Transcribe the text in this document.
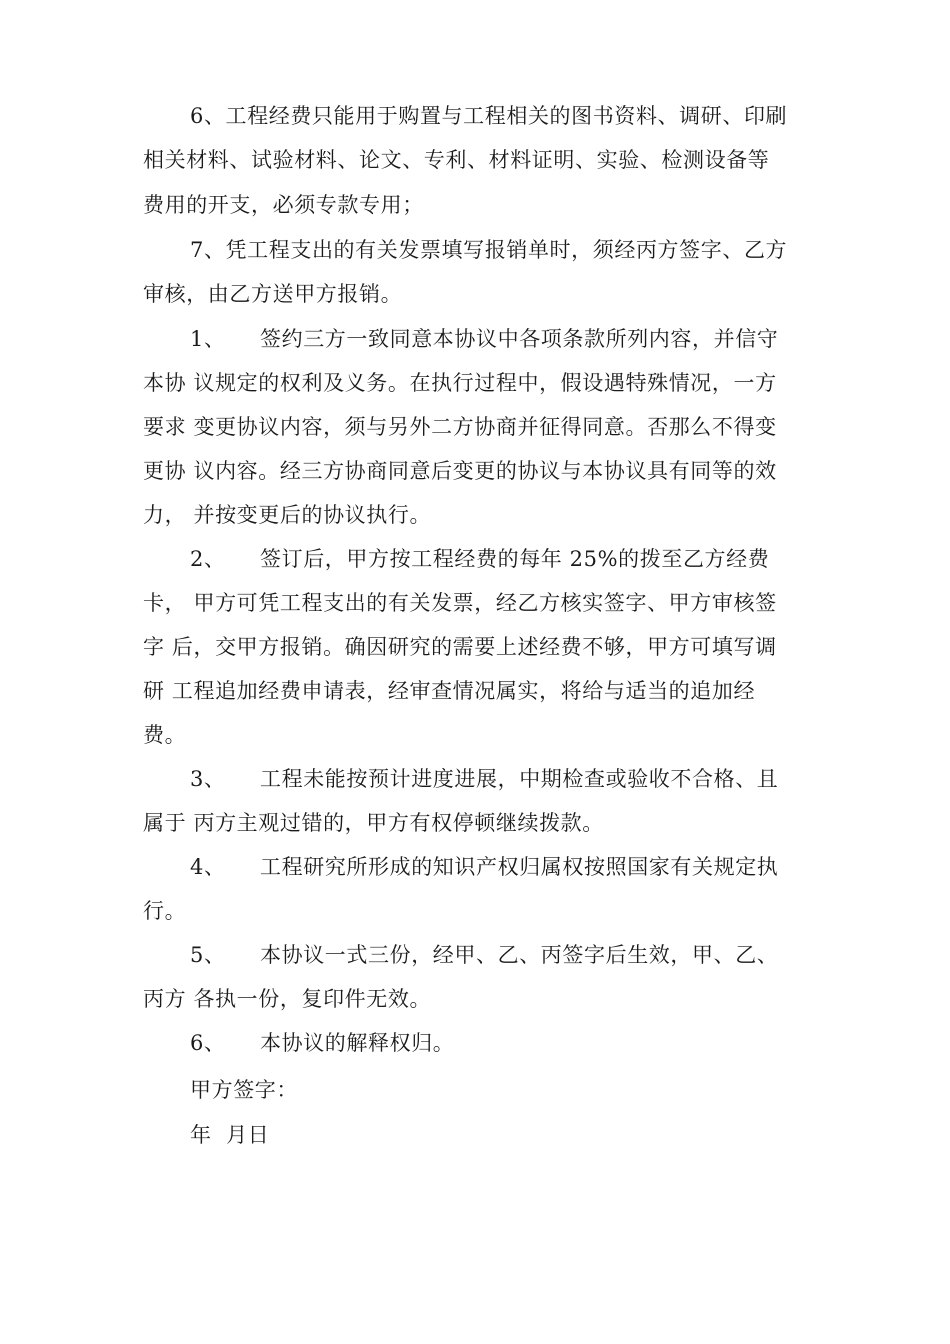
6、工程经费只能用于购置与工程相关的图书资料、调研、印刷
相关材料、试验材料、论文、专利、材料证明、实验、检测设备等
费用的开支，必须专款专用；
7、凭工程支出的有关发票填写报销单时，须经丙方签字、乙方
审核，由乙方送甲方报销。
1、 签约三方一致同意本协议中各项条款所列内容，并信守
本协 议规定的权利及义务。在执行过程中，假设遇特殊情况，一方
要求 变更协议内容，须与另外二方协商并征得同意。否那么不得变
更协 议内容。经三方协商同意后变更的协议与本协议具有同等的效
力， 并按变更后的协议执行。
2、 签订后，甲方按工程经费的每年 25%的拨至乙方经费
卡， 甲方可凭工程支出的有关发票，经乙方核实签字、甲方审核签
字 后，交甲方报销。确因研究的需要上述经费不够，甲方可填写调
研 工程追加经费申请表，经审查情况属实，将给与适当的追加经
费。
3、 工程未能按预计进度进展，中期检查或验收不合格、且
属于 丙方主观过错的，甲方有权停顿继续拨款。
4、 工程研究所形成的知识产权归属权按照国家有关规定执
行。
5、 本协议一式三份，经甲、乙、丙签字后生效，甲、乙、
丙方 各执一份，复印件无效。
6、 本协议的解释权归。
甲方签字：
年  月日
